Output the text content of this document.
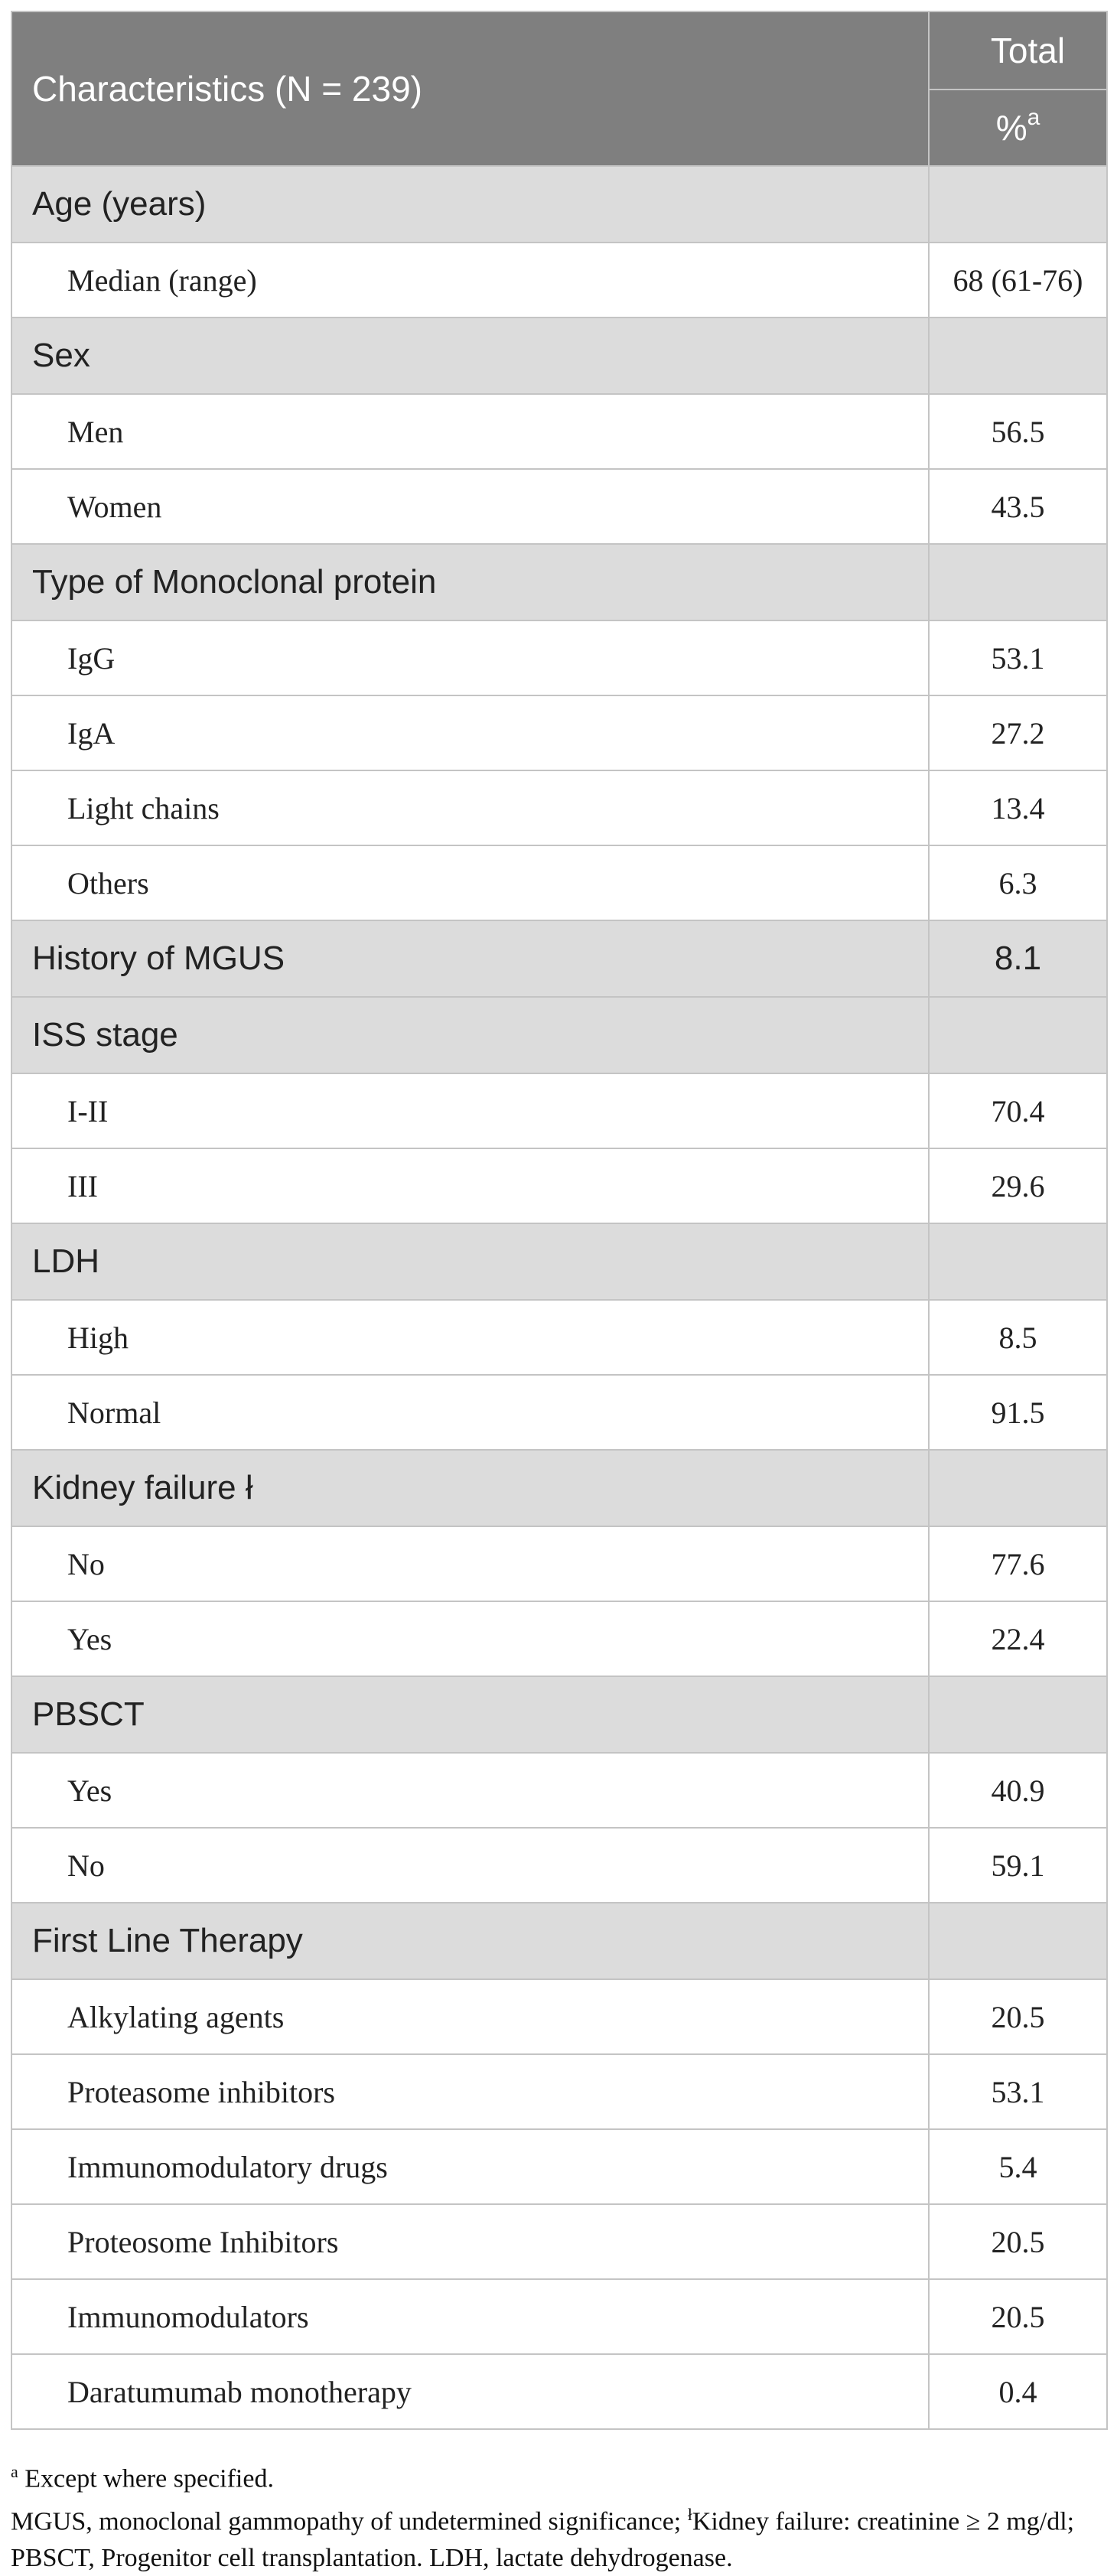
Characteristics (N = 239)	Total
	%$^a$
Age (years)	
Median (range)	68 (61-76)
Sex	
Men	56.5
Women	43.5
Type of Monoclonal protein	
IgG	53.1
IgA	27.2
Light chains	13.4
Others	6.3
History of MGUS	8.1
ISS stage	
I-II	70.4
III	29.6
LDH	
High	8.5
Normal	91.5
Kidney failure ł	
No	77.6
Yes	22.4
PBSCT	
Yes	40.9
No	59.1
First Line Therapy	
Alkylating agents	20.5
Proteasome inhibitors	53.1
Immunomodulatory drugs	5.4
Proteosome Inhibitors	20.5
Immunomodulators	20.5
Daratumumab monotherapy	0.4
$^a$ Except where specified.
MGUS, monoclonal gammopathy of undetermined significance; $^ł$Kidney failure: creatinine ≥ 2 mg/dl;
PBSCT, Progenitor cell transplantation. LDH, lactate dehydrogenase.
